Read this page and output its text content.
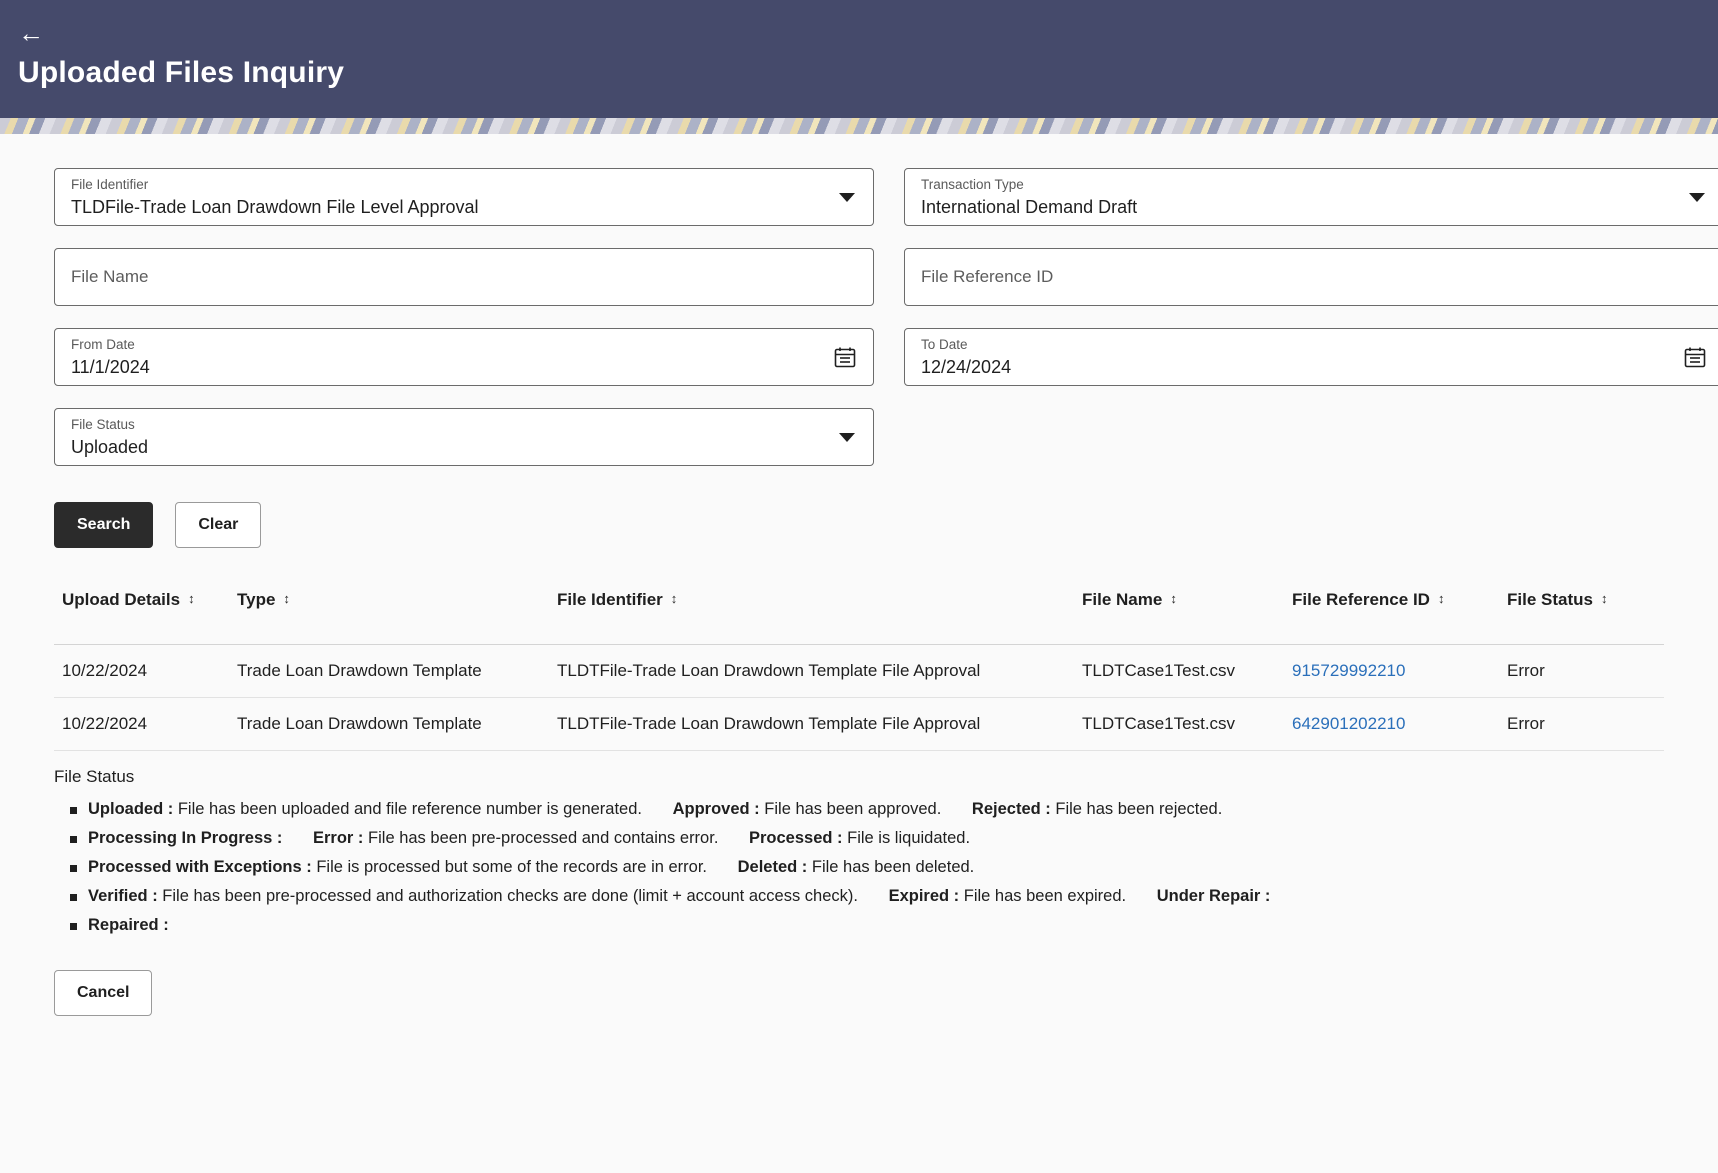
←
Uploaded Files Inquiry
File Identifier
TLDFile-Trade Loan Drawdown File Level Approval
Transaction Type
International Demand Draft
File Name	File Reference ID
From Date
11/1/2024
To Date
12/24/2024
File Status
Uploaded
Search	Clear

Upload Details ↕	Type ↕	File Identifier ↕	File Name ↕	File Reference ID ↕	File Status ↕

10/22/2024	Trade Loan Drawdown Template	TLDTFile-Trade Loan Drawdown Template File Approval	TLDTCase1Test.csv	915729992210	Error
10/22/2024	Trade Loan Drawdown Template	TLDTFile-Trade Loan Drawdown Template File Approval	TLDTCase1Test.csv	642901202210	Error
File Status
Uploaded : File has been uploaded and file reference number is generated. Approved : File has been approved. Rejected : File has been rejected.
Processing In Progress : Error : File has been pre-processed and contains error. Processed : File is liquidated.
Processed with Exceptions : File is processed but some of the records are in error. Deleted : File has been deleted.
Verified : File has been pre-processed and authorization checks are done (limit + account access check). Expired : File has been expired. Under Repair :
Repaired :
Cancel
